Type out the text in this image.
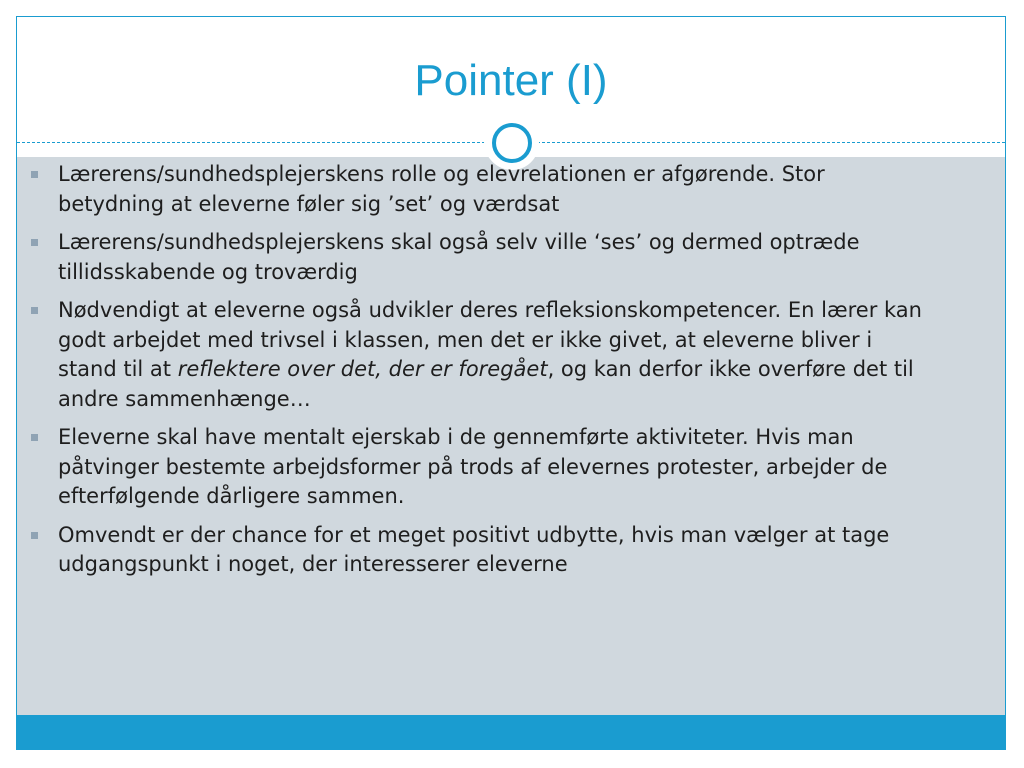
Pointer (I)
Lærerens/sundhedsplejerskens rolle og elevrelationen er afgørende. Stor betydning at eleverne føler sig ’set’ og værdsat
Lærerens/sundhedsplejerskens skal også selv ville ‘ses’ og dermed optræde tillidsskabende og troværdig
Nødvendigt at eleverne også udvikler deres refleksionskompetencer. En lærer kan godt arbejdet med trivsel i klassen, men det er ikke givet, at eleverne bliver i stand til at reflektere over det, der er foregået, og kan derfor ikke overføre det til andre sammenhænge…
Eleverne skal have mentalt ejerskab i de gennemførte aktiviteter. Hvis man påtvinger bestemte arbejdsformer på trods af elevernes protester, arbejder de efterfølgende dårligere sammen.
Omvendt er der chance for et meget positivt udbytte, hvis man vælger at tage udgangspunkt i noget, der interesserer eleverne
